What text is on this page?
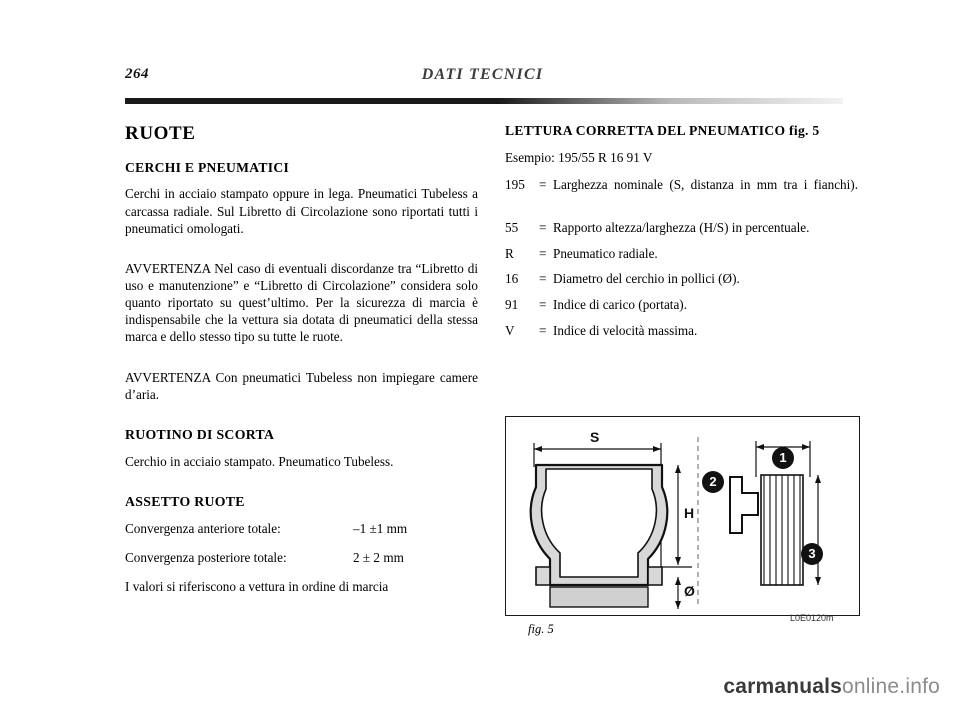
264	DATI TECNICI
RUOTE
CERCHI E PNEUMATICI

Cerchi in acciaio stampato oppure in lega. Pneumatici Tubeless a carcassa radiale. Sul Libretto di Circolazione sono riportati tutti i pneumatici omologati.

AVVERTENZA Nel caso di eventuali discordanze tra “Libretto di uso e manutenzione” e “Libretto di Circolazione” considera solo quanto riportato su quest’ultimo. Per la sicurezza di marcia è indispensabile che la vettura sia dotata di pneumatici della stessa marca e dello stesso tipo su tutte le ruote.

AVVERTENZA Con pneumatici Tubeless non impiegare camere d’aria.

RUOTINO DI SCORTA

Cerchio in acciaio stampato. Pneumatico Tubeless.

ASSETTO RUOTE
Convergenza anteriore totale:	–1 ±1 mm
Convergenza posteriore totale:	2 ± 2 mm

I valori si riferiscono a vettura in ordine di marcia

LETTURA CORRETTA DEL PNEUMATICO fig. 5
Esempio: 195/55 R 16 91 V
195	= Larghezza nominale (S, distanza in mm tra i fianchi).
55	= Rapporto altezza/larghezza (H/S) in percentuale.
R	= Pneumatico radiale.
16	= Diametro del cerchio in pollici (Ø).
91	= Indice di carico (portata).
V	= Indice di velocità massima.
S
H
Ø
1
2
3
fig. 5
L0E0120m
carmanualsonline.info
